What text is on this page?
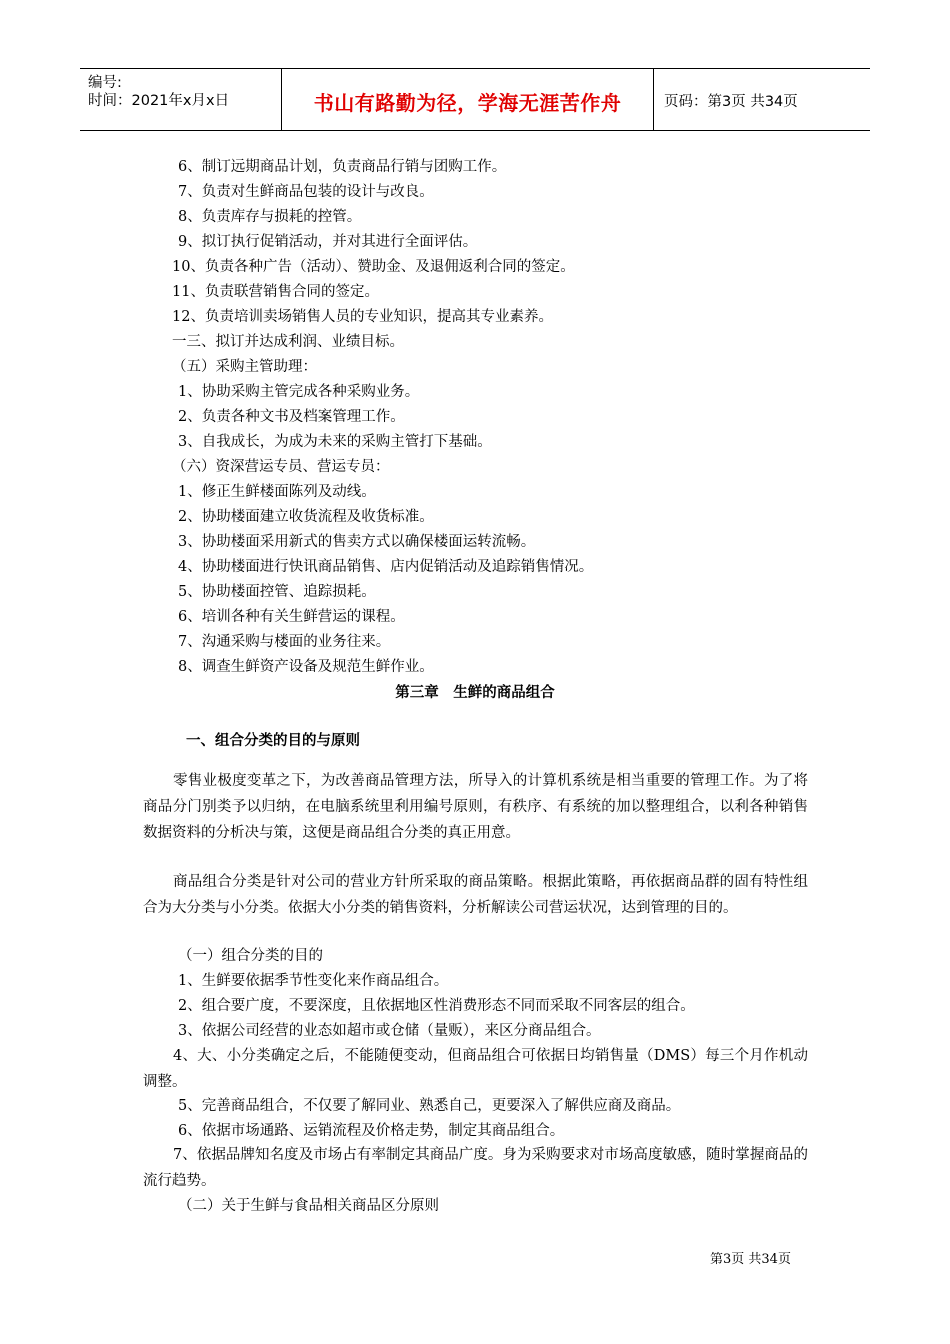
编号:
时间：2021年x月x日	书山有路勤为径，学海无涯苦作舟	页码：第3页 共34页
6、制订远期商品计划，负责商品行销与团购工作。
7、负责对生鲜商品包装的设计与改良。
8、负责库存与损耗的控管。
9、拟订执行促销活动，并对其进行全面评估。
10、负责各种广告（活动）、赞助金、及退佣返利合同的签定。
11、负责联营销售合同的签定。
12、负责培训卖场销售人员的专业知识，提高其专业素养。
一三、拟订并达成利润、业绩目标。
（五）采购主管助理：
1、协助采购主管完成各种采购业务。
2、负责各种文书及档案管理工作。
3、自我成长，为成为未来的采购主管打下基础。
（六）资深营运专员、营运专员：
1、修正生鲜楼面陈列及动线。
2、协助楼面建立收货流程及收货标准。
3、协助楼面采用新式的售卖方式以确保楼面运转流畅。
4、协助楼面进行快讯商品销售、店内促销活动及追踪销售情况。
5、协助楼面控管、追踪损耗。
6、培训各种有关生鲜营运的课程。
7、沟通采购与楼面的业务往来。
8、调查生鲜资产设备及规范生鲜作业。
第三章　生鲜的商品组合
一、组合分类的目的与原则

零售业极度变革之下，为改善商品管理方法，所导入的计算机系统是相当重要的管理工作。为了将商品分门别类予以归纳，在电脑系统里利用编号原则，有秩序、有系统的加以整理组合，以利各种销售数据资料的分析决与策，这便是商品组合分类的真正用意。

商品组合分类是针对公司的营业方针所采取的商品策略。根据此策略，再依据商品群的固有特性组合为大分类与小分类。依据大小分类的销售资料，分析解读公司营运状况，达到管理的目的。

（一）组合分类的目的
1、生鲜要依据季节性变化来作商品组合。
2、组合要广度，不要深度，且依据地区性消费形态不同而采取不同客层的组合。
3、依据公司经营的业态如超市或仓储（量贩），来区分商品组合。

4、大、小分类确定之后，不能随便变动，但商品组合可依据日均销售量（DMS）每三个月作机动调整。

5、完善商品组合，不仅要了解同业、熟悉自己，更要深入了解供应商及商品。
6、依据市场通路、运销流程及价格走势，制定其商品组合。

7、依据品牌知名度及市场占有率制定其商品广度。身为采购要求对市场高度敏感，随时掌握商品的流行趋势。

（二）关于生鲜与食品相关商品区分原则
第3页 共34页
